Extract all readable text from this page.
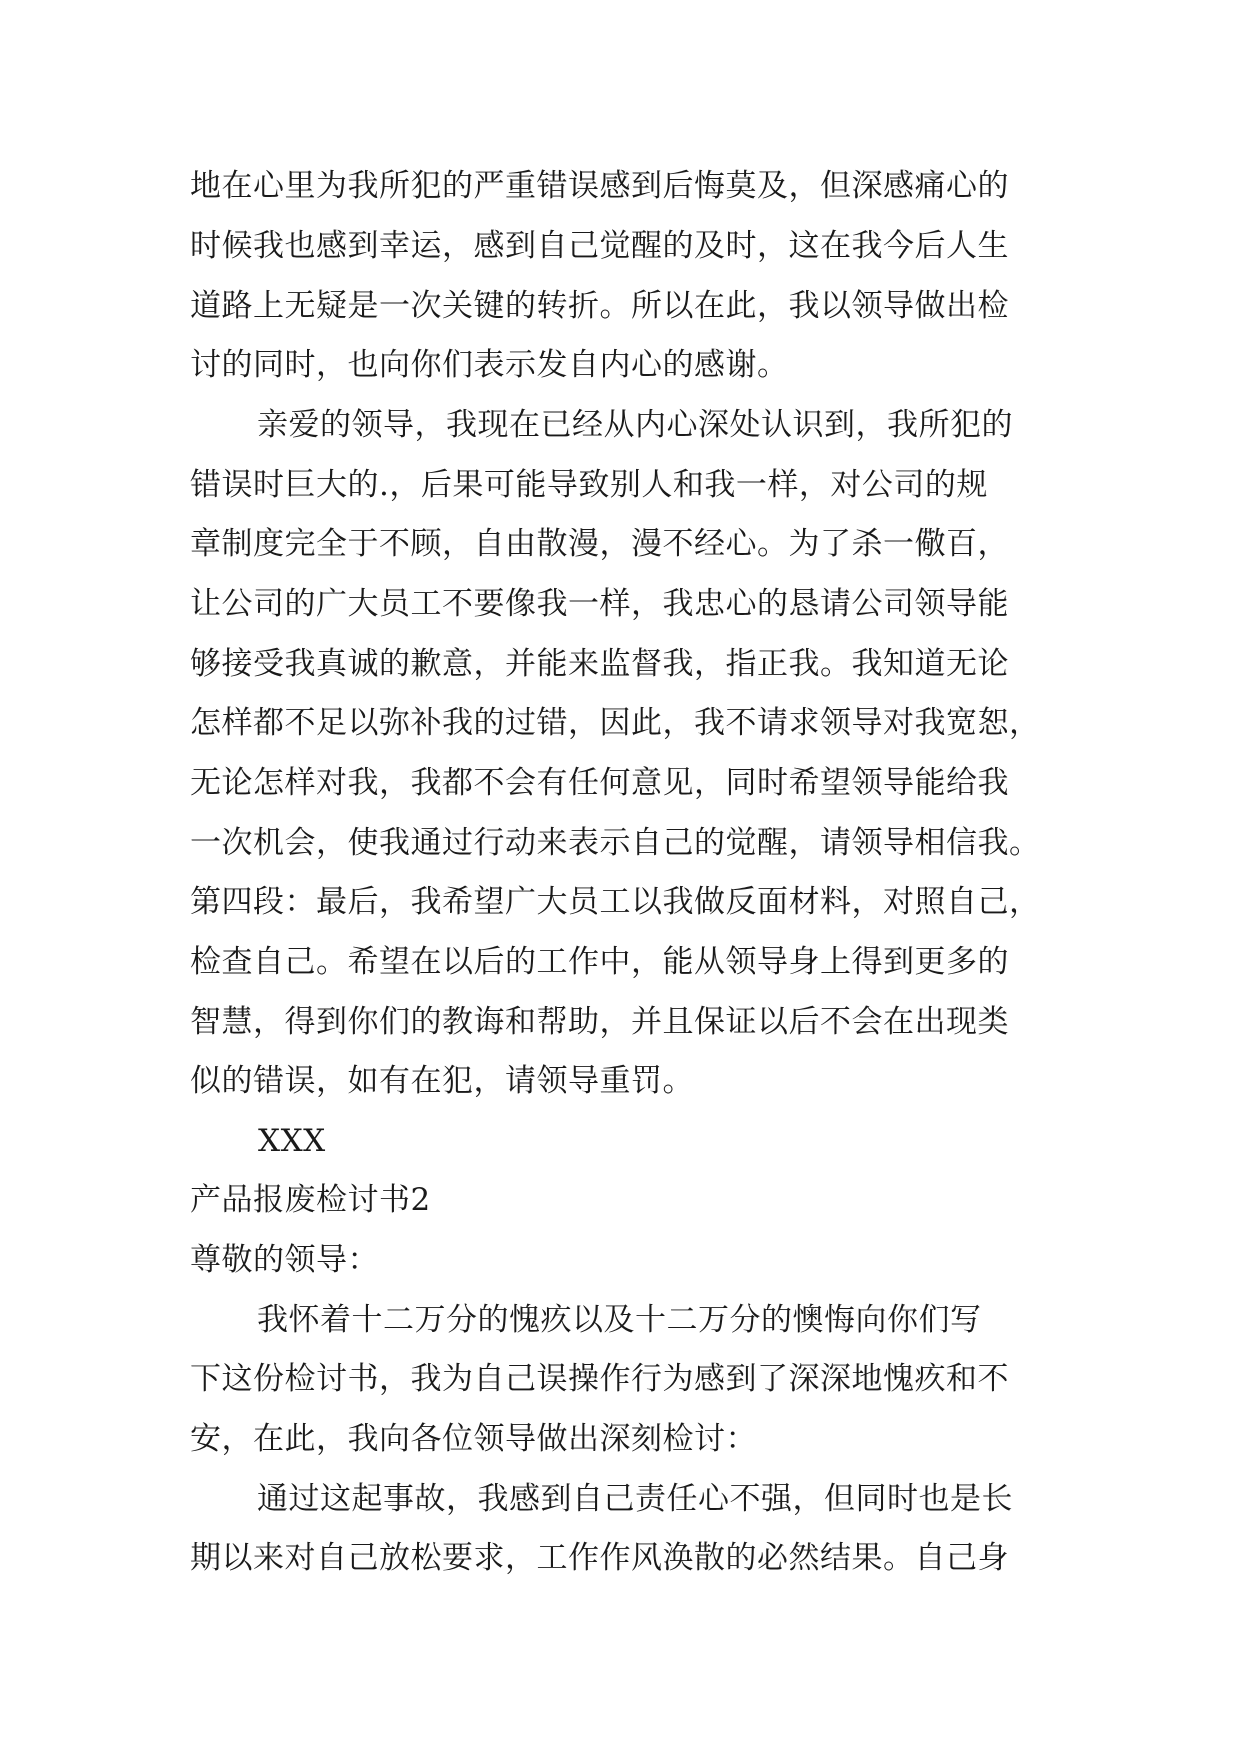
地在心里为我所犯的严重错误感到后悔莫及，但深感痛心的
时候我也感到幸运，感到自己觉醒的及时，这在我今后人生
道路上无疑是一次关键的转折。所以在此，我以领导做出检
讨的同时，也向你们表示发自内心的感谢。
亲爱的领导，我现在已经从内心深处认识到，我所犯的
错误时巨大的.，后果可能导致别人和我一样，对公司的规
章制度完全于不顾，自由散漫，漫不经心。为了杀一儆百，
让公司的广大员工不要像我一样，我忠心的恳请公司领导能
够接受我真诚的歉意，并能来监督我，指正我。我知道无论
怎样都不足以弥补我的过错，因此，我不请求领导对我宽恕，
无论怎样对我，我都不会有任何意见，同时希望领导能给我
一次机会，使我通过行动来表示自己的觉醒，请领导相信我。
第四段：最后，我希望广大员工以我做反面材料，对照自己，
检查自己。希望在以后的工作中，能从领导身上得到更多的
智慧，得到你们的教诲和帮助，并且保证以后不会在出现类
似的错误，如有在犯，请领导重罚。
XXX
产品报废检讨书2
尊敬的领导：
我怀着十二万分的愧疚以及十二万分的懊悔向你们写
下这份检讨书，我为自己误操作行为感到了深深地愧疚和不
安，在此，我向各位领导做出深刻检讨：
通过这起事故，我感到自己责任心不强，但同时也是长
期以来对自己放松要求，工作作风涣散的必然结果。自己身
